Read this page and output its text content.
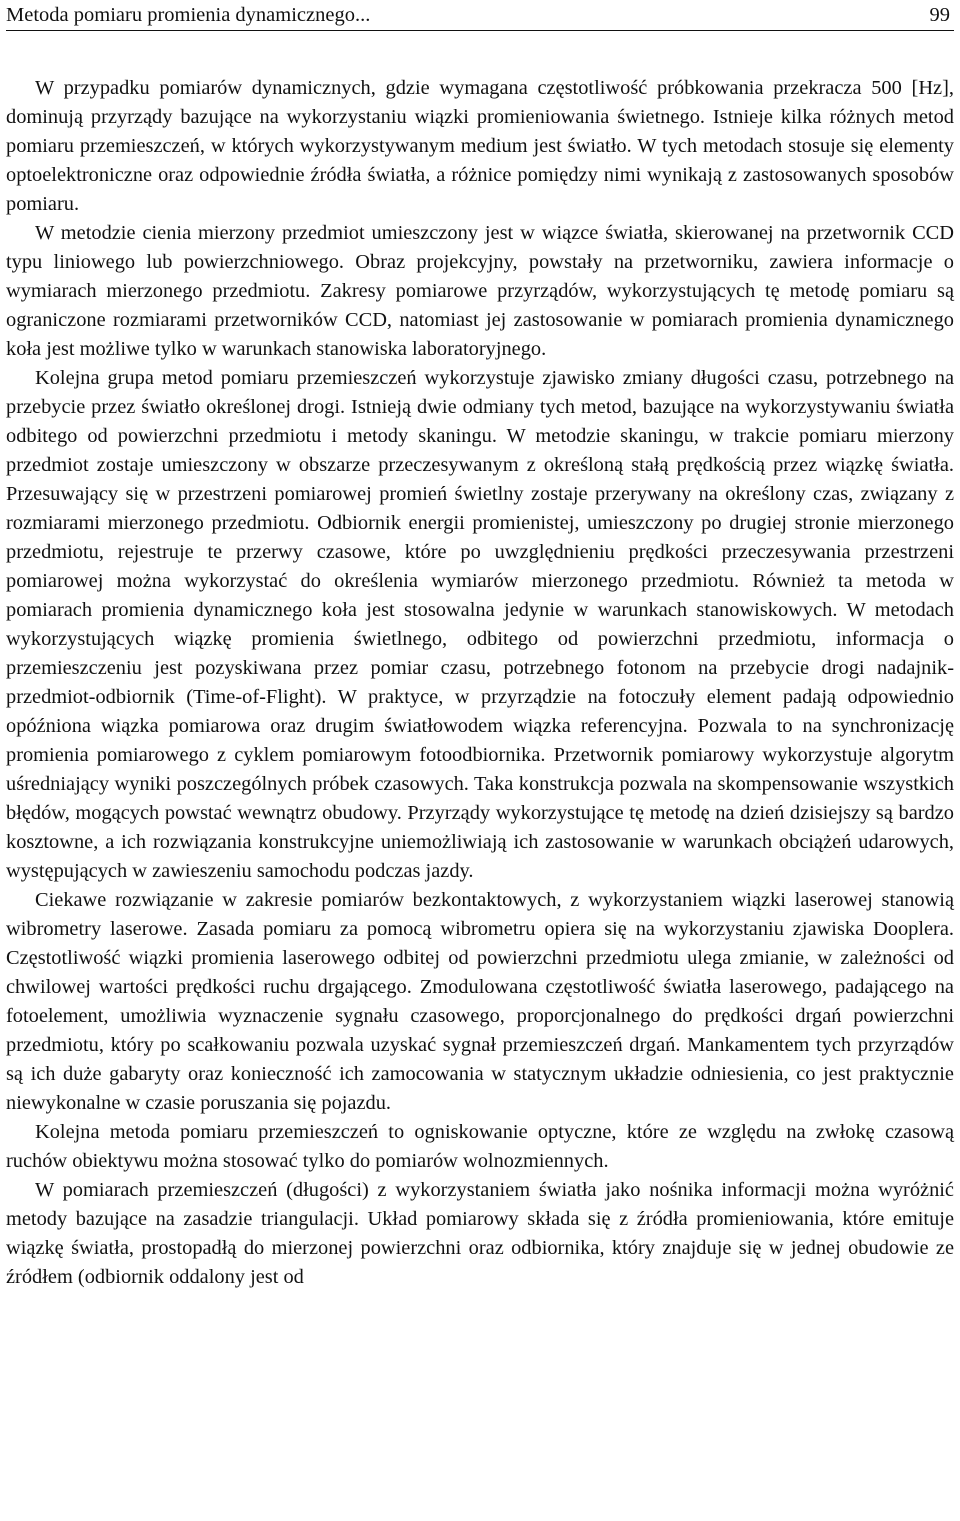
Metoda pomiaru promienia dynamicznego...	99

W przypadku pomiarów dynamicznych, gdzie wymagana częstotliwość próbkowania przekracza 500 [Hz], dominują przyrządy bazujące na wykorzystaniu wiązki promieniowania świetnego. Istnieje kilka różnych metod pomiaru przemieszczeń, w których wykorzystywanym medium jest światło. W tych metodach stosuje się elementy optoelektroniczne oraz odpowiednie źródła światła, a różnice pomiędzy nimi wynikają z zastosowanych sposobów pomiaru.

W metodzie cienia mierzony przedmiot umieszczony jest w wiązce światła, skierowanej na przetwornik CCD typu liniowego lub powierzchniowego. Obraz projekcyjny, powstały na przetworniku, zawiera informacje o wymiarach mierzonego przedmiotu. Zakresy pomiarowe przyrządów, wykorzystujących tę metodę pomiaru są ograniczone rozmiarami przetworników CCD, natomiast jej zastosowanie w pomiarach promienia dynamicznego koła jest możliwe tylko w warunkach stanowiska laboratoryjnego.

Kolejna grupa metod pomiaru przemieszczeń wykorzystuje zjawisko zmiany długości czasu, potrzebnego na przebycie przez światło określonej drogi. Istnieją dwie odmiany tych metod, bazujące na wykorzystywaniu światła odbitego od powierzchni przedmiotu i metody skaningu. W metodzie skaningu, w trakcie pomiaru mierzony przedmiot zostaje umieszczony w obszarze przeczesywanym z określoną stałą prędkością przez wiązkę światła. Przesuwający się w przestrzeni pomiarowej promień świetlny zostaje przerywany na określony czas, związany z rozmiarami mierzonego przedmiotu. Odbiornik energii promienistej, umieszczony po drugiej stronie mierzonego przedmiotu, rejestruje te przerwy czasowe, które po uwzględnieniu prędkości przeczesywania przestrzeni pomiarowej można wykorzystać do określenia wymiarów mierzonego przedmiotu. Również ta metoda w pomiarach promienia dynamicznego koła jest stosowalna jedynie w warunkach stanowiskowych. W metodach wykorzystujących wiązkę promienia świetlnego, odbitego od powierzchni przedmiotu, informacja o przemieszczeniu jest pozyskiwana przez pomiar czasu, potrzebnego fotonom na przebycie drogi nadajnik-przedmiot-odbiornik (Time-of-Flight). W praktyce, w przyrządzie na fotoczuły element padają odpowiednio opóźniona wiązka pomiarowa oraz drugim światłowodem wiązka referencyjna. Pozwala to na synchronizację promienia pomiarowego z cyklem pomiarowym fotoodbiornika. Przetwornik pomiarowy wykorzystuje algorytm uśredniający wyniki poszczególnych próbek czasowych. Taka konstrukcja pozwala na skompensowanie wszystkich błędów, mogących powstać wewnątrz obudowy. Przyrządy wykorzystujące tę metodę na dzień dzisiejszy są bardzo kosztowne, a ich rozwiązania konstrukcyjne uniemożliwiają ich zastosowanie w warunkach obciążeń udarowych, występujących w zawieszeniu samochodu podczas jazdy.

Ciekawe rozwiązanie w zakresie pomiarów bezkontaktowych, z wykorzystaniem wiązki laserowej stanowią wibrometry laserowe. Zasada pomiaru za pomocą wibrometru opiera się na wykorzystaniu zjawiska Dooplera. Częstotliwość wiązki promienia laserowego odbitej od powierzchni przedmiotu ulega zmianie, w zależności od chwilowej wartości prędkości ruchu drgającego. Zmodulowana częstotliwość światła laserowego, padającego na fotoelement, umożliwia wyznaczenie sygnału czasowego, proporcjonalnego do prędkości drgań powierzchni przedmiotu, który po scałkowaniu pozwala uzyskać sygnał przemieszczeń drgań. Mankamentem tych przyrządów są ich duże gabaryty oraz konieczność ich zamocowania w statycznym układzie odniesienia, co jest praktycznie niewykonalne w czasie poruszania się pojazdu.

Kolejna metoda pomiaru przemieszczeń to ogniskowanie optyczne, które ze względu na zwłokę czasową ruchów obiektywu można stosować tylko do pomiarów wolnozmiennych.

W pomiarach przemieszczeń (długości) z wykorzystaniem światła jako nośnika informacji można wyróżnić metody bazujące na zasadzie triangulacji. Układ pomiarowy składa się z źródła promieniowania, które emituje wiązkę światła, prostopadłą do mierzonej powierzchni oraz odbiornika, który znajduje się w jednej obudowie ze źródłem (odbiornik oddalony jest od
